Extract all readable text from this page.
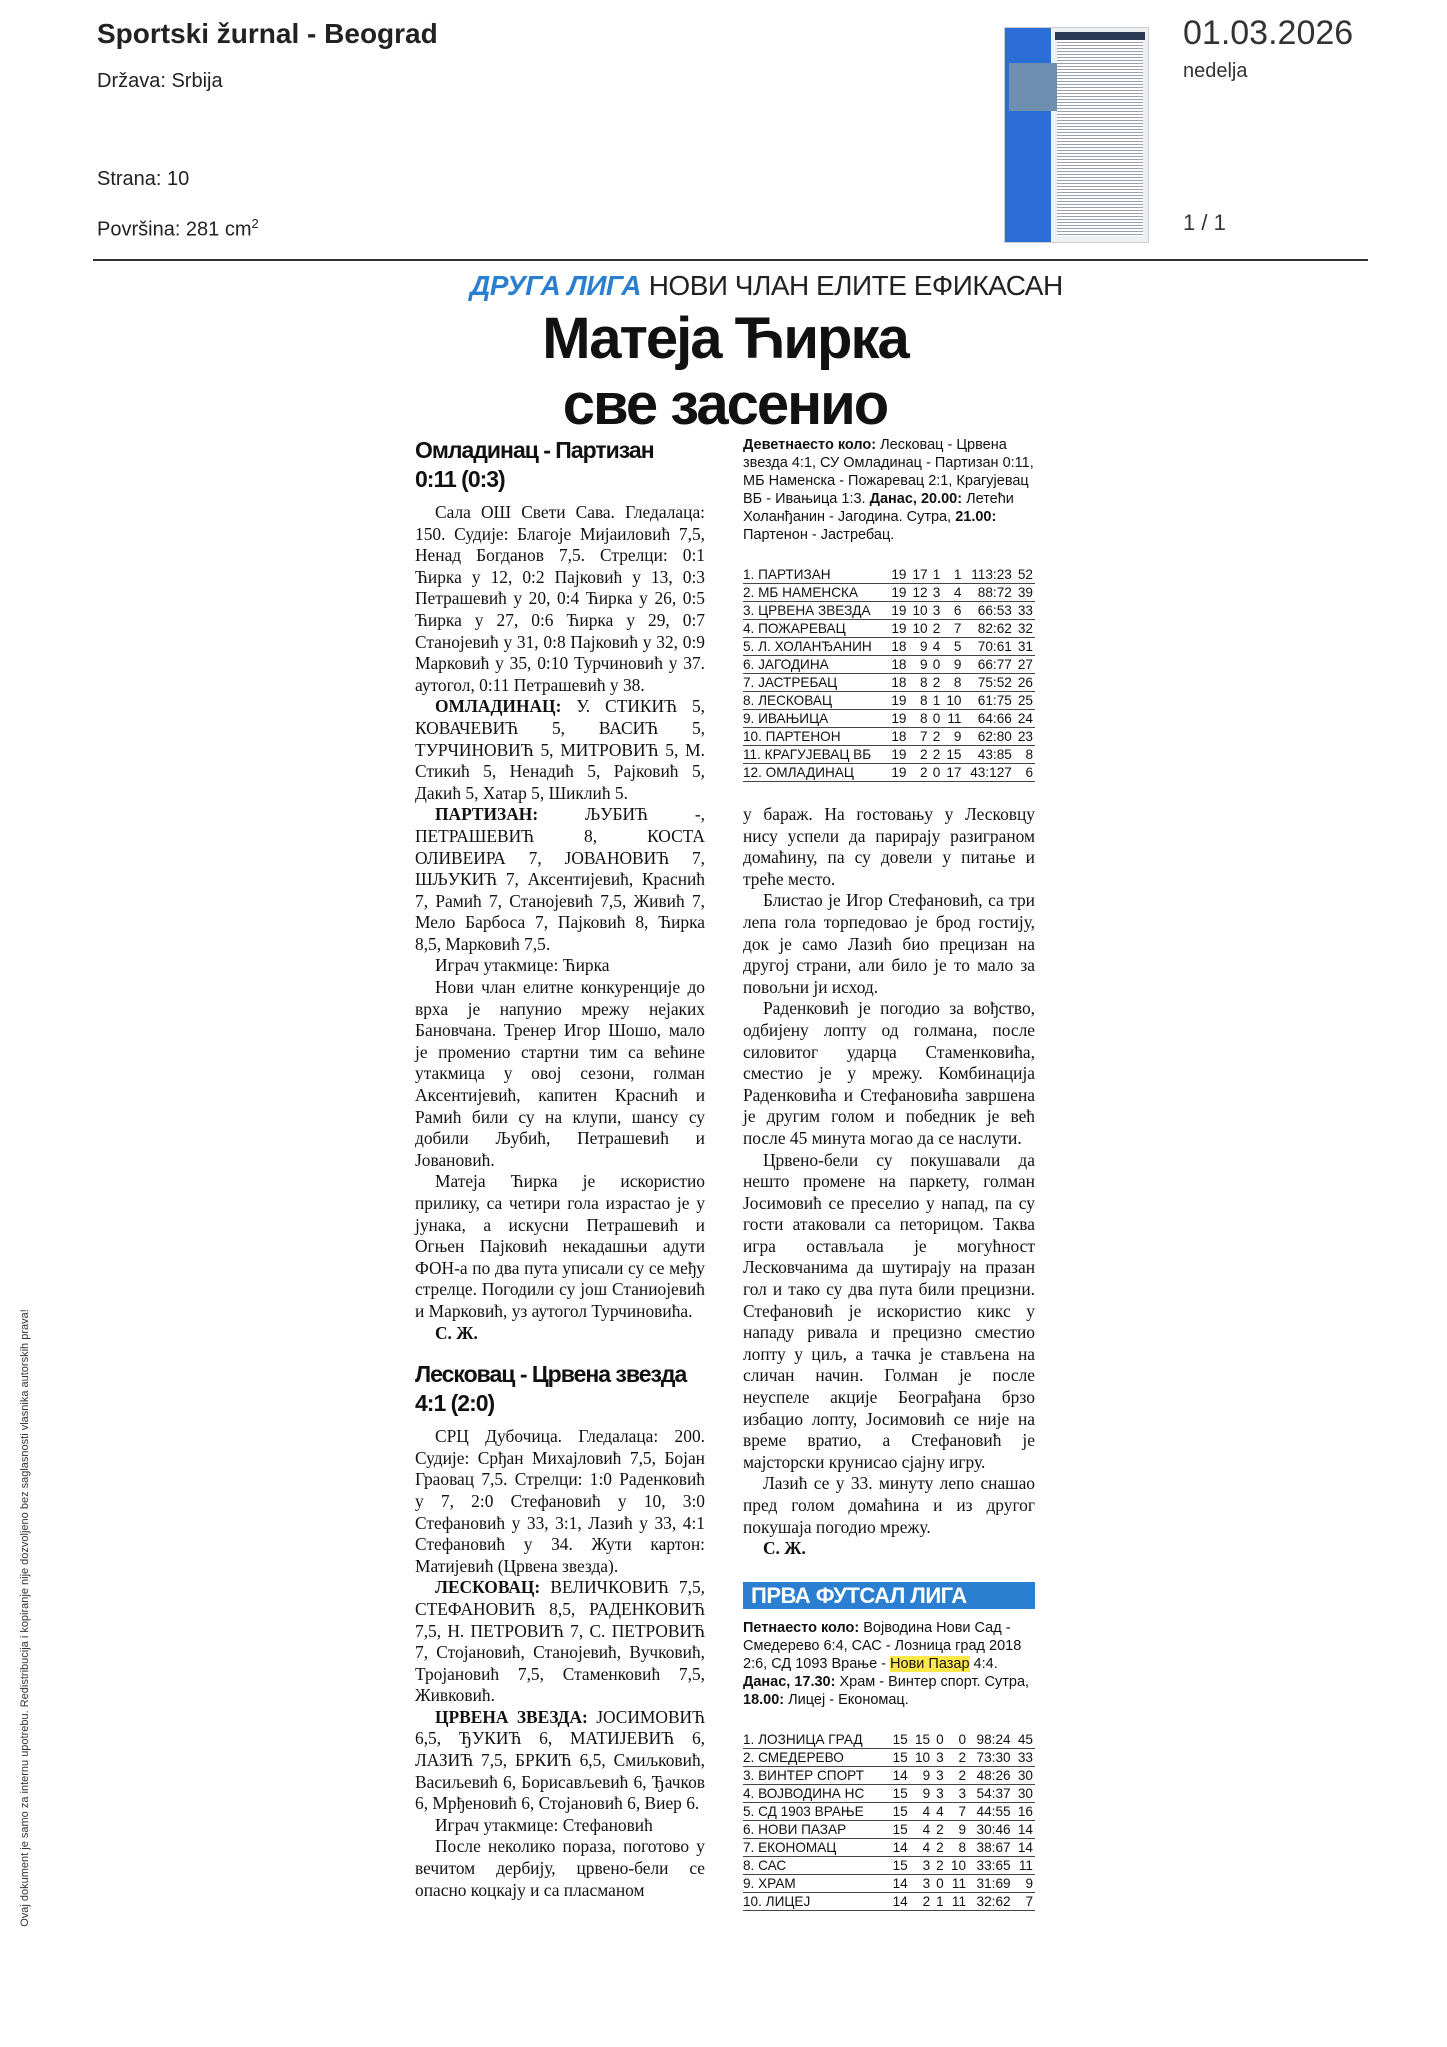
Sportski žurnal - Beograd
Država: Srbija
Strana: 10
Površina: 281 $cm^2$
01.03.2026
nedelja
1 / 1
Ovaj dokument je samo za internu upotrebu. Redistribucija i kopiranje nije dozvoljeno bez saglasnosti vlasnika autorskih prava!
ДРУГА ЛИГА НОВИ ЧЛАН ЕЛИТЕ ЕФИКАСАН
Матеја Ћирка
све засенио
Омладинац - Партизан
0:11 (0:3)

Сала ОШ Свети Сава. Гледалаца: 150. Судије: Благоје Мијаиловић 7,5, Ненад Богданов 7,5. Стрелци: 0:1 Ћирка у 12, 0:2 Пајковић у 13, 0:3 Петрашевић у 20, 0:4 Ћирка у 26, 0:5 Ћирка у 27, 0:6 Ћирка у 29, 0:7 Станојевић у 31, 0:8 Пајковић у 32, 0:9 Марковић у 35, 0:10 Турчиновић у 37. аутогол, 0:11 Петрашевић у 38.

ОМЛАДИНАЦ: У. СТИКИЋ 5, КОВАЧЕВИЋ 5, ВАСИЋ 5, ТУРЧИНОВИЋ 5, МИТРОВИЋ 5, М. Стикић 5, Ненадић 5, Рајковић 5, Дакић 5, Хатар 5, Шиклић 5.

ПАРТИЗАН: ЉУБИЋ -, ПЕТРАШЕВИЋ 8, КОСТА ОЛИВЕИРА 7, ЈОВАНОВИЋ 7, ШЉУКИЋ 7, Аксентијевић, Краснић 7, Рамић 7, Станојевић 7,5, Живић 7, Мело Барбоса 7, Пајковић 8, Ћирка 8,5, Марковић 7,5.

Играч утакмице: Ћирка

Нови члан елитне конкуренције до врха је напунио мрежу нејаких Бановчана. Тренер Игор Шошо, мало је променио стартни тим са већине утакмица у овој сезони, голман Аксентијевић, капитен Краснић и Рамић били су на клупи, шансу су добили Љубић, Петрашевић и Јовановић.

Матеја Ћирка је искористио прилику, са четири гола израстао је у јунака, а искусни Петрашевић и Огњен Пајковић некадашњи адути ФОН-а по два пута уписали су се међу стрелце. Погодили су још Станиојевић и Марковић, уз аутогол Турчиновића.

С. Ж.

Лесковац - Црвена звезда
4:1 (2:0)

СРЦ Дубочица. Гледалаца: 200. Судије: Срђан Михајловић 7,5, Бојан Граовац 7,5. Стрелци: 1:0 Раденковић у 7, 2:0 Стефановић у 10, 3:0 Стефановић у 33, 3:1, Лазић у 33, 4:1 Стефановић у 34. Жути картон: Матијевић (Црвена звезда).

ЛЕСКОВАЦ: ВЕЛИЧКОВИЋ 7,5, СТЕФАНОВИЋ 8,5, РАДЕНКОВИЋ 7,5, Н. ПЕТРОВИЋ 7, С. ПЕТРОВИЋ 7, Стојановић, Станојевић, Вучковић, Тројановић 7,5, Стаменковић 7,5, Живковић.

ЦРВЕНА ЗВЕЗДА: ЈОСИМОВИЋ 6,5, ЂУКИЋ 6, МАТИЈЕВИЋ 6, ЛАЗИЋ 7,5, БРКИЋ 6,5, Смиљковић, Васиљевић 6, Борисављевић 6, Ђачков 6, Мрђеновић 6, Стојановић 6, Виер 6.

Играч утакмице: Стефановић

После неколико пораза, поготово у вечитом дербију, црвено-бели се опасно коцкају и са пласманом

Деветнаесто коло: Лесковац - Црвена звезда 4:1, СУ Омладинац - Партизан 0:11, МБ Наменска - Пожаревац 2:1, Крагујевац ВБ - Ивањица 1:3. Данас, 20.00: Летећи Холанђанин - Јагодина. Сутра, 21.00: Партенон - Јастребац.
1. ПАРТИЗАН	19	17	1	1	113:23	52
2. МБ НАМЕНСКА	19	12	3	4	88:72	39
3. ЦРВЕНА ЗВЕЗДА	19	10	3	6	66:53	33
4. ПОЖАРЕВАЦ	19	10	2	7	82:62	32
5. Л. ХОЛАНЂАНИН	18	9	4	5	70:61	31
6. ЈАГОДИНА	18	9	0	9	66:77	27
7. ЈАСТРЕБАЦ	18	8	2	8	75:52	26
8. ЛЕСКОВАЦ	19	8	1	10	61:75	25
9. ИВАЊИЦА	19	8	0	11	64:66	24
10. ПАРТЕНОН	18	7	2	9	62:80	23
11. КРАГУЈЕВАЦ ВБ	19	2	2	15	43:85	8
12. ОМЛАДИНАЦ	19	2	0	17	43:127	6

у бараж. На гостовању у Лесковцу нису успели да парирају разиграном домаћину, па су довели у питање и треће место.

Блистао је Игор Стефановић, са три лепа гола торпедовао је брод гостију, док је само Лазић био прецизан на другој страни, али било је то мало за повољни ји исход.

Раденковић је погодио за вођство, одбијену лопту од голмана, после силовитог ударца Стаменковића, сместио је у мрежу. Комбинација Раденковића и Стефановића завршена је другим голом и победник је већ после 45 минута могао да се наслути.

Црвено-бели су покушавали да нешто промене на паркету, голман Јосимовић се преселио у напад, па су гости атаковали са петорицом. Таква игра остављала је могућност Лесковчанима да шутирају на празан гол и тако су два пута били прецизни. Стефановић је искористио кикс у нападу ривала и прецизно сместио лопту у циљ, а тачка је стављена на сличан начин. Голман је после неуспеле акције Београђана брзо избацио лопту, Јосимовић се није на време вратио, а Стефановић је мајсторски крунисао сјајну игру.

Лазић се у 33. минуту лепо снашао пред голом домаћина и из другог покушаја погодио мрежу.

С. Ж.

ПРВА ФУТСАЛ ЛИГА
Петнаесто коло: Војводина Нови Сад - Смедерево 6:4, САС - Лозница град 2018 2:6, СД 1093 Врање - Нови Пазар 4:4. Данас, 17.30: Храм - Винтер спорт. Сутра, 18.00: Лицеј - Економац.
1. ЛОЗНИЦА ГРАД	15	15	0	0	98:24	45
2. СМЕДЕРЕВО	15	10	3	2	73:30	33
3. ВИНТЕР СПОРТ	14	9	3	2	48:26	30
4. ВОЈВОДИНА НС	15	9	3	3	54:37	30
5. СД 1903 ВРАЊЕ	15	4	4	7	44:55	16
6. НОВИ ПАЗАР	15	4	2	9	30:46	14
7. ЕКОНОМАЦ	14	4	2	8	38:67	14
8. САС	15	3	2	10	33:65	11
9. ХРАМ	14	3	0	11	31:69	9
10. ЛИЦЕЈ	14	2	1	11	32:62	7
